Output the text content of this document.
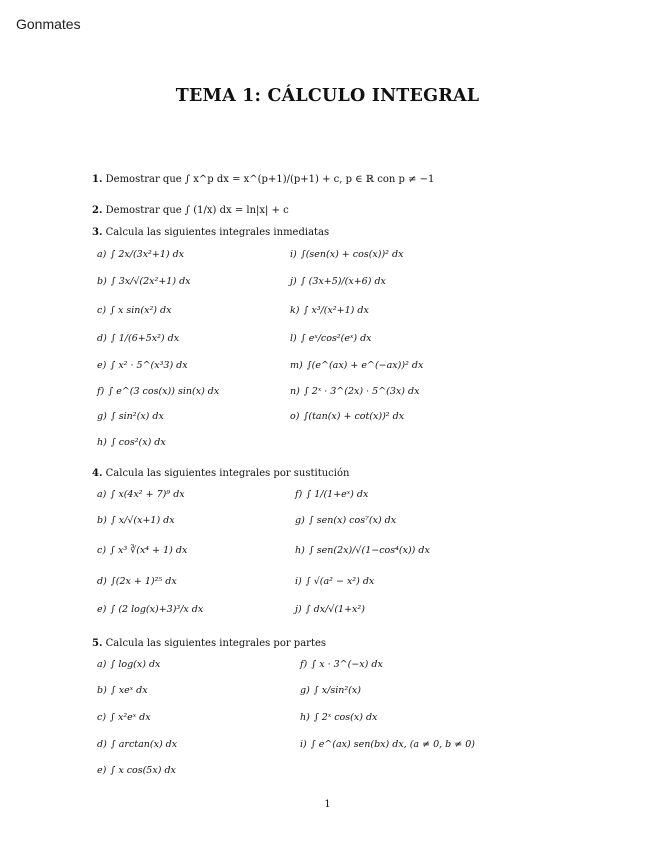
Gonmates
TEMA 1: CÁLCULO INTEGRAL
1. Demostrar que ∫ x^p dx = x^(p+1)/(p+1) + c, p ∈ ℝ con p ≠ −1
2. Demostrar que ∫ (1/x) dx = ln|x| + c
3. Calcula las siguientes integrales inmediatas
a) ∫ 2x/(3x²+1) dx
b) ∫ 3x/√(2x²+1) dx
c) ∫ x sin(x²) dx
d) ∫ 1/(6+5x²) dx
e) ∫ x² · 5^(x³3) dx
f) ∫ e^(3 cos(x)) sin(x) dx
g) ∫ sin²(x) dx
h) ∫ cos²(x) dx
i) ∫(sen(x) + cos(x))² dx
j) ∫ (3x+5)/(x+6) dx
k) ∫ x³/(x²+1) dx
l) ∫ eˣ/cos²(eˣ) dx
m) ∫(e^(ax) + e^(−ax))² dx
n) ∫ 2ˣ · 3^(2x) · 5^(3x) dx
o) ∫(tan(x) + cot(x))² dx
4. Calcula las siguientes integrales por sustitución
a) ∫ x(4x² + 7)⁹ dx
b) ∫ x/√(x+1) dx
c) ∫ x³ ∛(x⁴ + 1) dx
d) ∫(2x + 1)²⁵ dx
e) ∫ (2 log(x)+3)³/x dx
f) ∫ 1/(1+eˣ) dx
g) ∫ sen(x) cos⁷(x) dx
h) ∫ sen(2x)/√(1−cos⁴(x)) dx
i) ∫ √(a² − x²) dx
j) ∫ dx/√(1+x²)
5. Calcula las siguientes integrales por partes
a) ∫ log(x) dx
b) ∫ xeˣ dx
c) ∫ x²eˣ dx
d) ∫ arctan(x) dx
e) ∫ x cos(5x) dx
f) ∫ x · 3^(−x) dx
g) ∫ x/sin²(x)
h) ∫ 2ˣ cos(x) dx
i) ∫ e^(ax) sen(bx) dx, (a ≠ 0, b ≠ 0)
1
